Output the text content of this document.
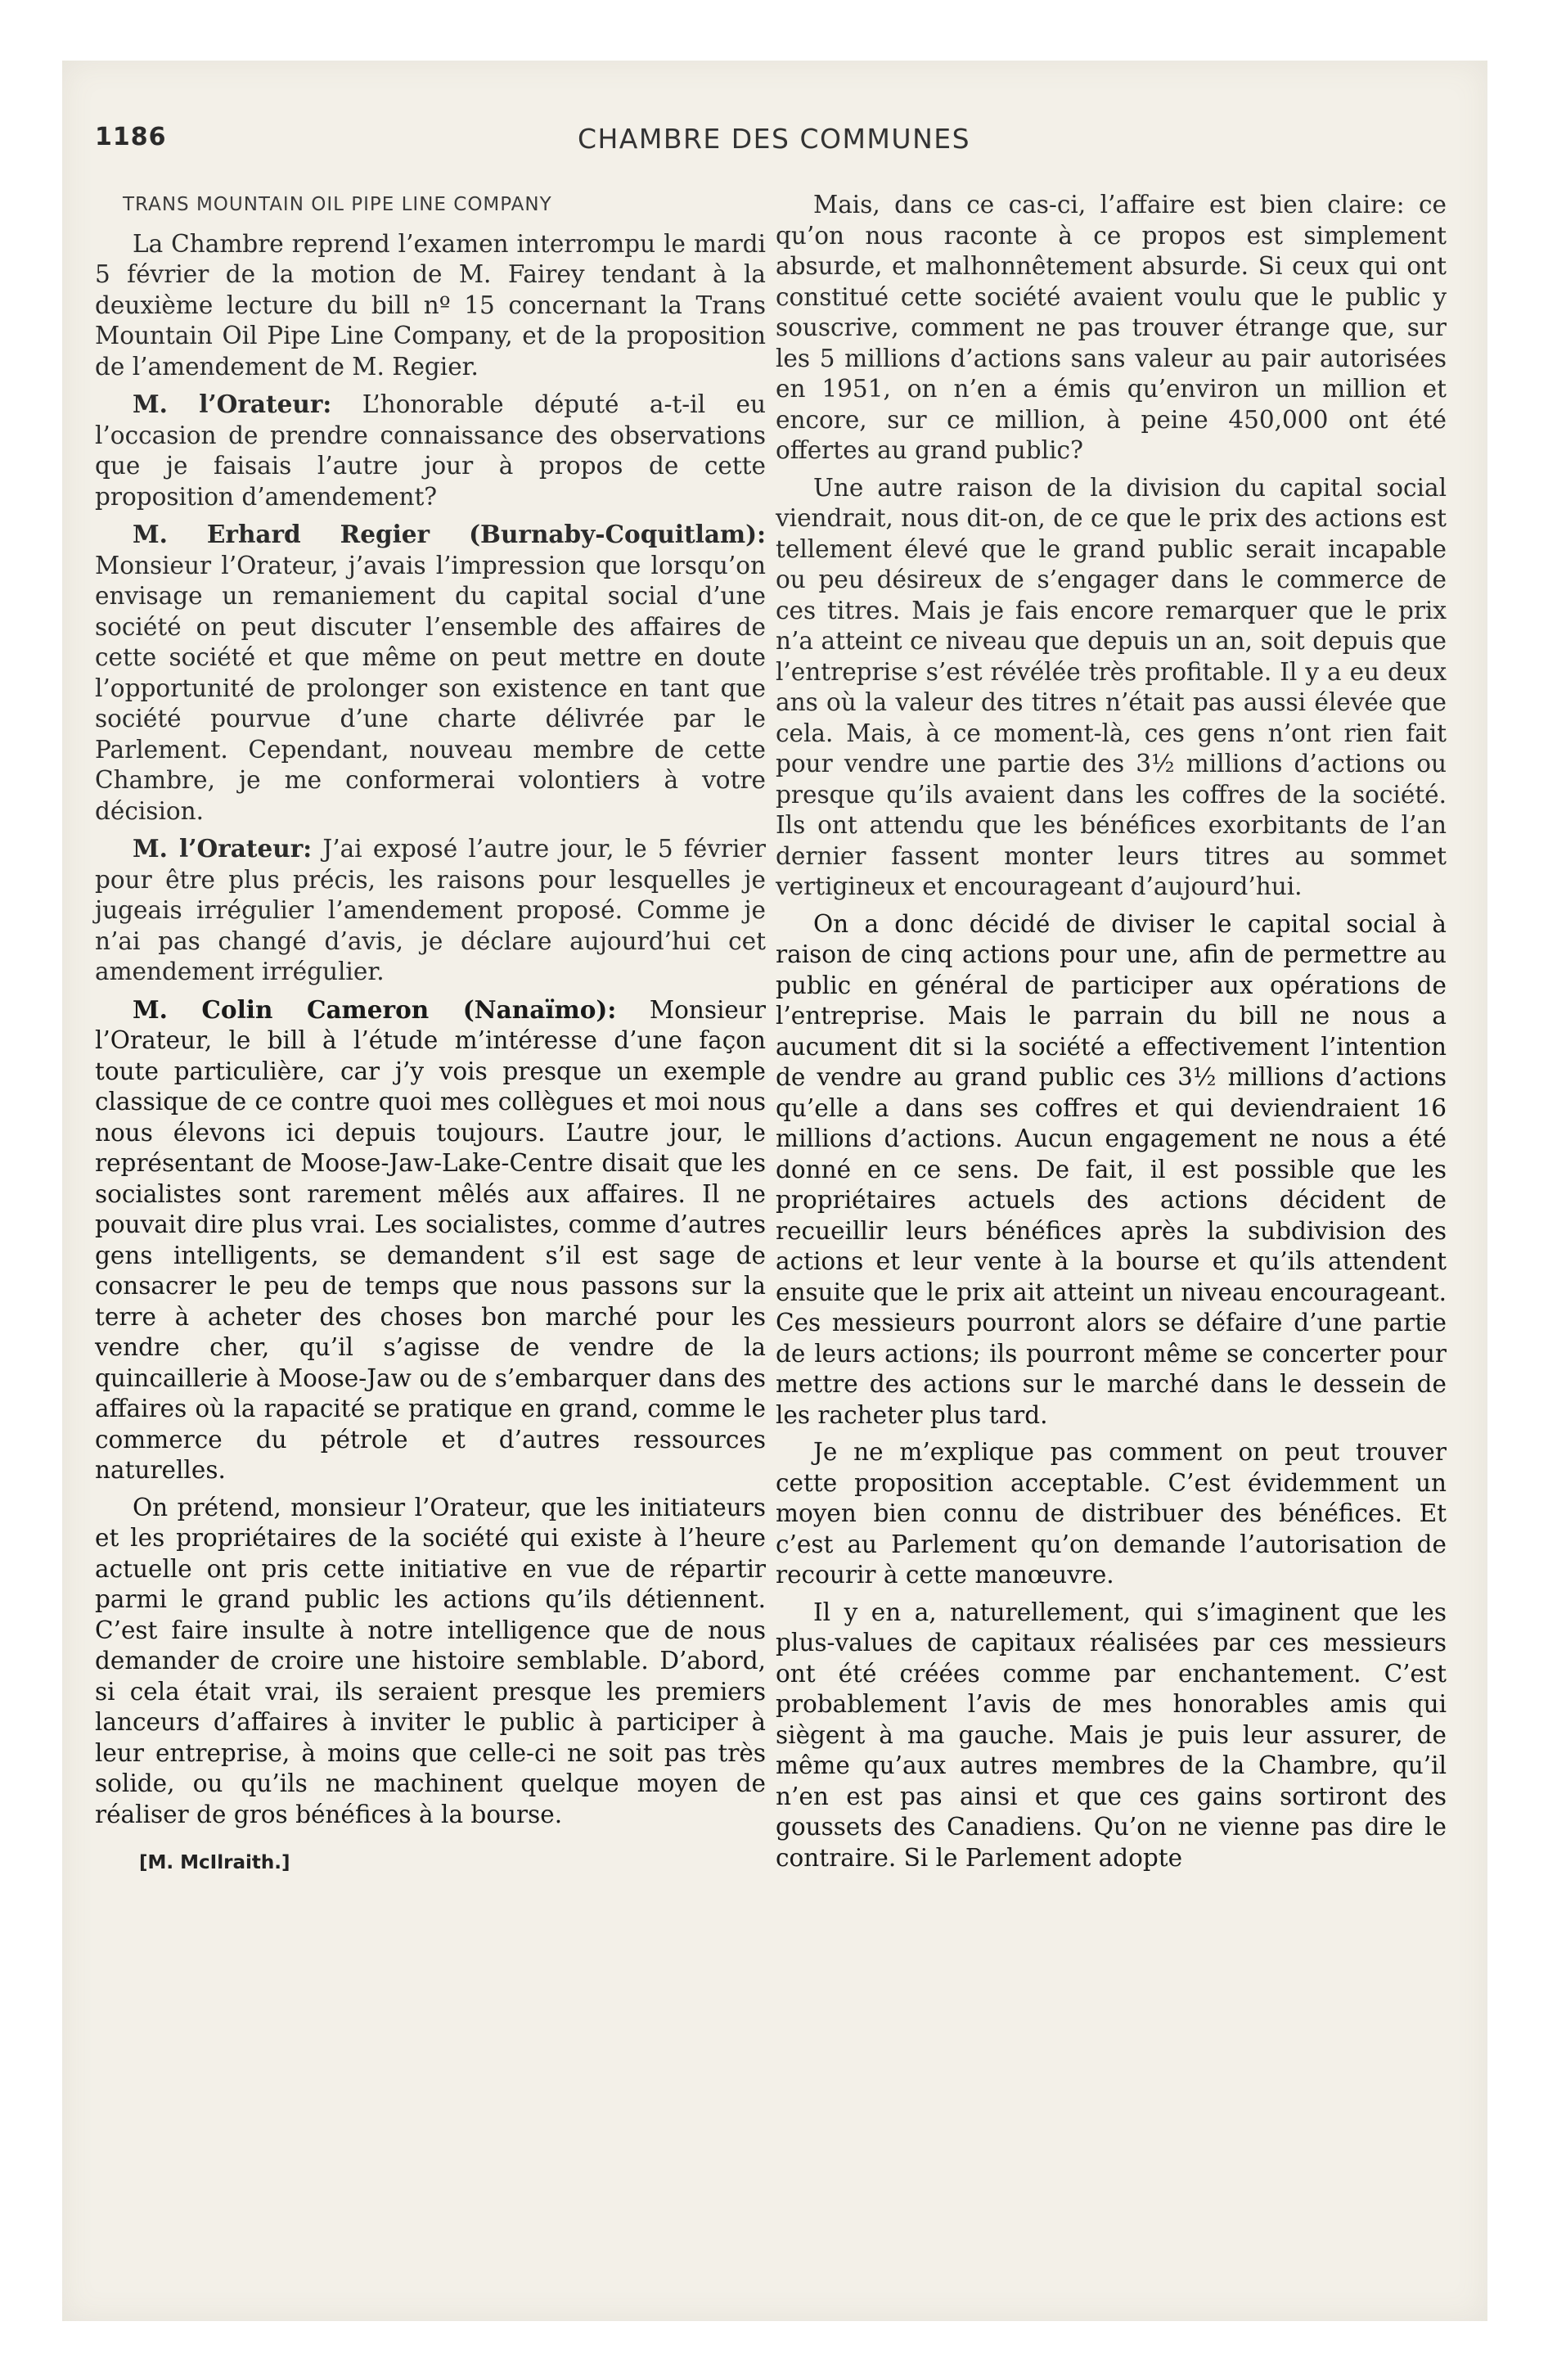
1186	CHAMBRE DES COMMUNES

TRANS MOUNTAIN OIL PIPE LINE COMPANY

La Chambre reprend l’examen interrompu le mardi 5 février de la motion de M. Fairey tendant à la deuxième lecture du bill nº 15 concernant la Trans Mountain Oil Pipe Line Company, et de la proposition de l’amendement de M. Regier.

M. l’Orateur: L’honorable député a-t-il eu l’occasion de prendre connaissance des observations que je faisais l’autre jour à propos de cette proposition d’amendement?

M. Erhard Regier (Burnaby-Coquitlam): Monsieur l’Orateur, j’avais l’impression que lorsqu’on envisage un remaniement du capital social d’une société on peut discuter l’ensemble des affaires de cette société et que même on peut mettre en doute l’opportunité de prolonger son existence en tant que société pourvue d’une charte délivrée par le Parlement. Cependant, nouveau membre de cette Chambre, je me conformerai volontiers à votre décision.

M. l’Orateur: J’ai exposé l’autre jour, le 5 février pour être plus précis, les raisons pour lesquelles je jugeais irrégulier l’amendement proposé. Comme je n’ai pas changé d’avis, je déclare aujourd’hui cet amendement irrégulier.

M. Colin Cameron (Nanaïmo): Monsieur l’Orateur, le bill à l’étude m’intéresse d’une façon toute particulière, car j’y vois presque un exemple classique de ce contre quoi mes collègues et moi nous nous élevons ici depuis toujours. L’autre jour, le représentant de Moose-Jaw-Lake-Centre disait que les socialistes sont rarement mêlés aux affaires. Il ne pouvait dire plus vrai. Les socialistes, comme d’autres gens intelligents, se demandent s’il est sage de consacrer le peu de temps que nous passons sur la terre à acheter des choses bon marché pour les vendre cher, qu’il s’agisse de vendre de la quincaillerie à Moose-Jaw ou de s’embarquer dans des affaires où la rapacité se pratique en grand, comme le commerce du pétrole et d’autres ressources naturelles.

On prétend, monsieur l’Orateur, que les initiateurs et les propriétaires de la société qui existe à l’heure actuelle ont pris cette initiative en vue de répartir parmi le grand public les actions qu’ils détiennent. C’est faire insulte à notre intelligence que de nous demander de croire une histoire semblable. D’abord, si cela était vrai, ils seraient presque les premiers lanceurs d’affaires à inviter le public à participer à leur entreprise, à moins que celle-ci ne soit pas très solide, ou qu’ils ne machinent quelque moyen de réaliser de gros bénéfices à la bourse.

[M. McIlraith.]

Mais, dans ce cas-ci, l’affaire est bien claire: ce qu’on nous raconte à ce propos est simplement absurde, et malhonnêtement absurde. Si ceux qui ont constitué cette société avaient voulu que le public y souscrive, comment ne pas trouver étrange que, sur les 5 millions d’actions sans valeur au pair autorisées en 1951, on n’en a émis qu’environ un million et encore, sur ce million, à peine 450,000 ont été offertes au grand public?

Une autre raison de la division du capital social viendrait, nous dit-on, de ce que le prix des actions est tellement élevé que le grand public serait incapable ou peu désireux de s’engager dans le commerce de ces titres. Mais je fais encore remarquer que le prix n’a atteint ce niveau que depuis un an, soit depuis que l’entreprise s’est révélée très profitable. Il y a eu deux ans où la valeur des titres n’était pas aussi élevée que cela. Mais, à ce moment-là, ces gens n’ont rien fait pour vendre une partie des 3½ millions d’actions ou presque qu’ils avaient dans les coffres de la société. Ils ont attendu que les bénéfices exorbitants de l’an dernier fassent monter leurs titres au sommet vertigineux et encourageant d’aujourd’hui.

On a donc décidé de diviser le capital social à raison de cinq actions pour une, afin de permettre au public en général de participer aux opérations de l’entreprise. Mais le parrain du bill ne nous a aucument dit si la société a effectivement l’intention de vendre au grand public ces 3½ millions d’actions qu’elle a dans ses coffres et qui deviendraient 16 millions d’actions. Aucun engagement ne nous a été donné en ce sens. De fait, il est possible que les propriétaires actuels des actions décident de recueillir leurs bénéfices après la subdivision des actions et leur vente à la bourse et qu’ils attendent ensuite que le prix ait atteint un niveau encourageant. Ces messieurs pourront alors se défaire d’une partie de leurs actions; ils pourront même se concerter pour mettre des actions sur le marché dans le dessein de les racheter plus tard.

Je ne m’explique pas comment on peut trouver cette proposition acceptable. C’est évidemment un moyen bien connu de distribuer des bénéfices. Et c’est au Parlement qu’on demande l’autorisation de recourir à cette manœuvre.

Il y en a, naturellement, qui s’imaginent que les plus-values de capitaux réalisées par ces messieurs ont été créées comme par enchantement. C’est probablement l’avis de mes honorables amis qui siègent à ma gauche. Mais je puis leur assurer, de même qu’aux autres membres de la Chambre, qu’il n’en est pas ainsi et que ces gains sortiront des goussets des Canadiens. Qu’on ne vienne pas dire le contraire. Si le Parlement adopte
